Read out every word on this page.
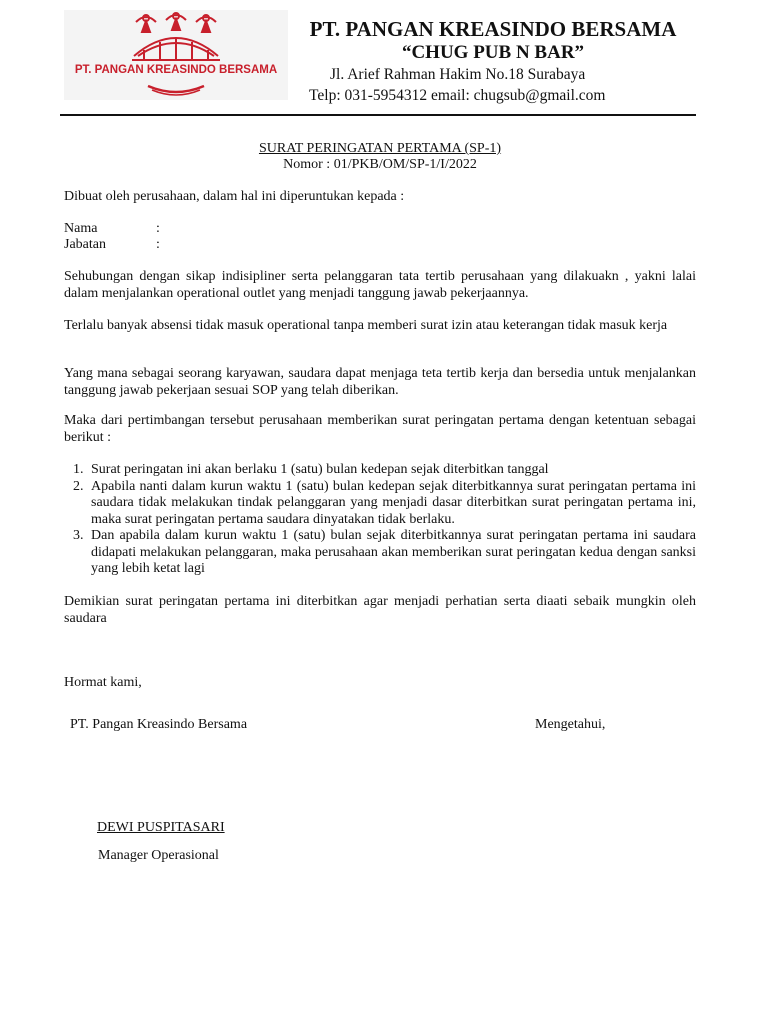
PT. PANGAN KREASINDO BERSAMA
PT. PANGAN KREASINDO BERSAMA
“CHUG PUB N BAR”
Jl. Arief Rahman Hakim No.18 Surabaya
Telp: 031-5954312 email: chugsub@gmail.com
SURAT PERINGATAN PERTAMA (SP-1)
Nomor : 01/PKB/OM/SP-1/I/2022
Dibuat oleh perusahaan, dalam hal ini diperuntukan kepada :
Nama	:
Jabatan	:
Sehubungan dengan sikap indisipliner serta pelanggaran tata tertib perusahaan yang dilakuakn , yakni lalai dalam menjalankan operational outlet yang menjadi tanggung jawab pekerjaannya.
Terlalu banyak absensi tidak masuk operational tanpa memberi surat izin atau keterangan tidak masuk kerja
Yang mana sebagai seorang karyawan, saudara dapat menjaga teta tertib kerja dan bersedia untuk menjalankan tanggung jawab pekerjaan sesuai SOP yang telah diberikan.
Maka dari pertimbangan tersebut perusahaan memberikan surat peringatan pertama dengan ketentuan sebagai berikut :
1. Surat peringatan ini akan berlaku 1 (satu) bulan kedepan sejak diterbitkan tanggal
2. Apabila nanti dalam kurun waktu 1 (satu) bulan kedepan sejak diterbitkannya surat peringatan pertama ini saudara tidak melakukan tindak pelanggaran yang menjadi dasar diterbitkan surat peringatan pertama ini, maka surat peringatan pertama saudara dinyatakan tidak berlaku.
3. Dan apabila dalam kurun waktu 1 (satu) bulan sejak diterbitkannya surat peringatan pertama ini saudara didapati melakukan pelanggaran, maka perusahaan akan memberikan surat peringatan kedua dengan sanksi yang lebih ketat lagi
Demikian surat peringatan pertama ini diterbitkan agar menjadi perhatian serta diaati sebaik mungkin oleh saudara
Hormat kami,
PT. Pangan Kreasindo Bersama	Mengetahui,
DEWI PUSPITASARI
Manager Operasional
